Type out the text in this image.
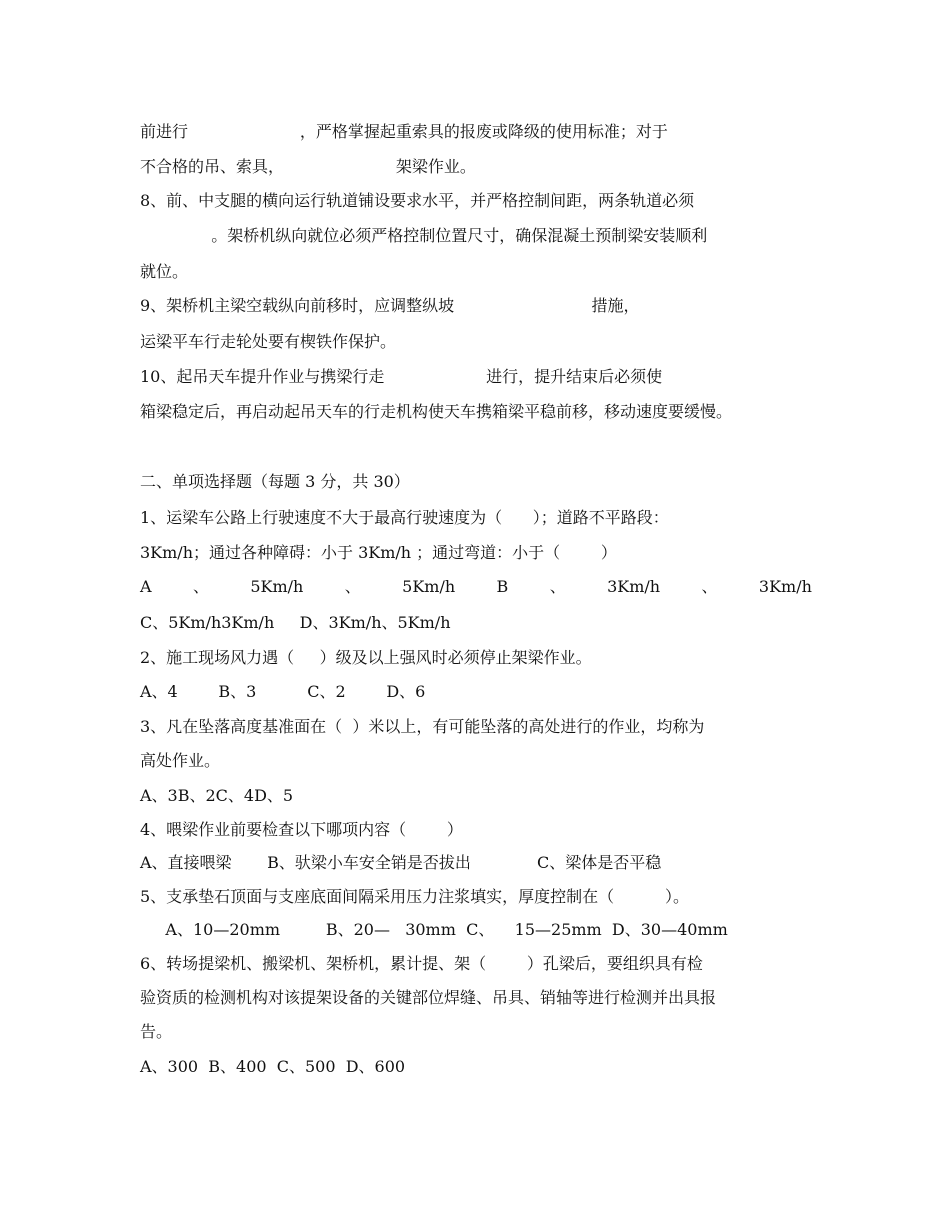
前进行                      ，严格掌握起重索具的报废或降级的使用标准；对于
不合格的吊、索具，                      架梁作业。
8、前、中支腿的横向运行轨道铺设要求水平，并严格控制间距，两条轨道必须
。架桥机纵向就位必须严格控制位置尺寸，确保混凝土预制梁安装顺利
就位。
9、架桥机主梁空载纵向前移时，应调整纵坡                           措施，
运梁平车行走轮处要有楔铁作保护。
10、起吊天车提升作业与携梁行走                    进行，提升结束后必须使
箱梁稳定后，再启动起吊天车的行走机构使天车携箱梁平稳前移，移动速度要缓慢。
二、单项选择题（每题 3 分，共 30）
1、运梁车公路上行驶速度不大于最高行驶速度为（      ）；道路不平路段：
3Km/h；通过各种障碍：小于 3Km/h ；通过弯道：小于（        ）
A	、	5Km/h	、	5Km/h	B	、	3Km/h	、	3Km/h
C、5Km/h3Km/h     D、3Km/h、5Km/h
2、施工现场风力遇（     ）级及以上强风时必须停止架梁作业。
A、4        B、3          C、2        D、6
3、凡在坠落高度基准面在（  ）米以上，有可能坠落的高处进行的作业，均称为
高处作业。
A、3B、2C、4D、5
4、喂梁作业前要检查以下哪项内容（        ）
A、直接喂梁       B、驮梁小车安全销是否拔出             C、梁体是否平稳
5、支承垫石顶面与支座底面间隔采用压力注浆填实，厚度控制在（          ）。
A、10—20mm         B、20—   30mm  C、    15—25mm  D、30—40mm
6、转场提梁机、搬梁机、架桥机，累计提、架（        ）孔梁后，要组织具有检
验资质的检测机构对该提架设备的关键部位焊缝、吊具、销轴等进行检测并出具报
告。
A、300  B、400  C、500  D、600
